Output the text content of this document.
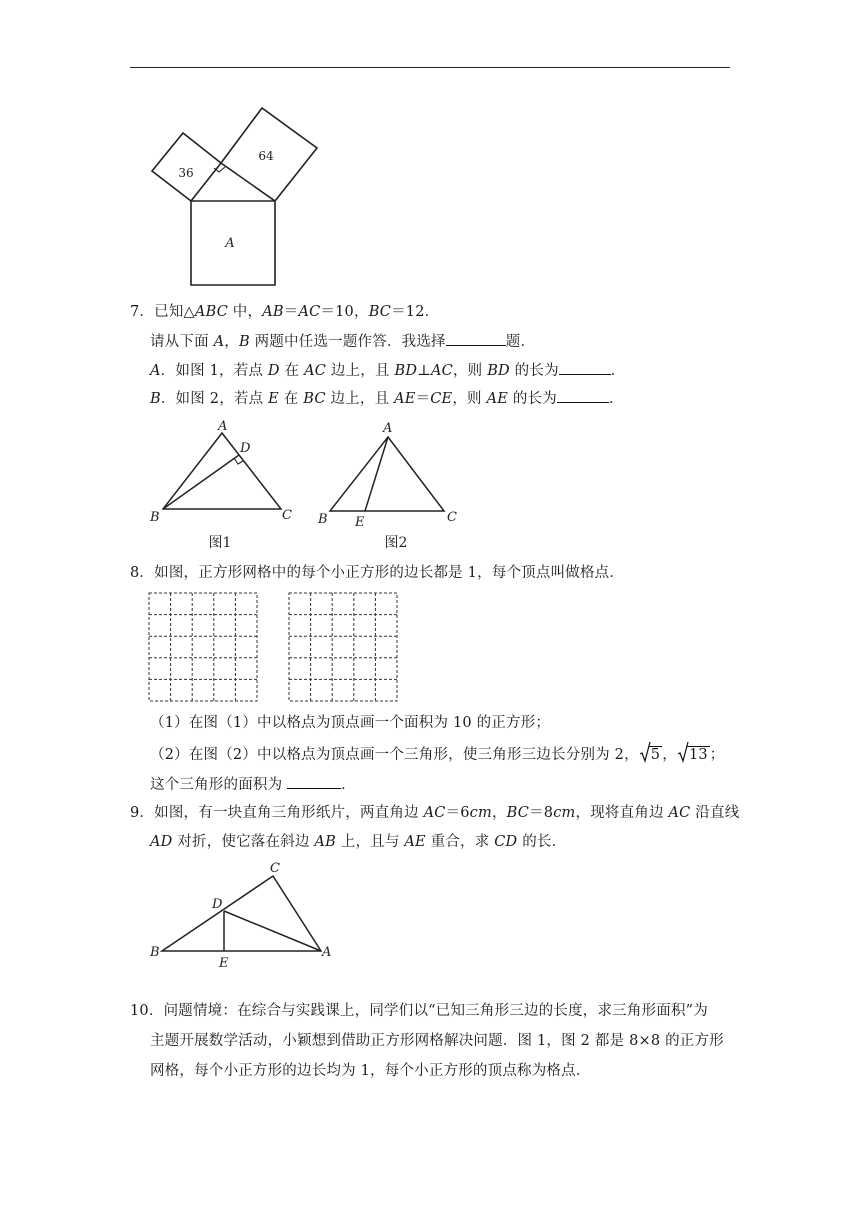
36
64
A
7．已知△ABC 中，AB＝AC＝10，BC＝12．
请从下面 A，B 两题中任选一题作答．我选择	题．
A．如图 1，若点 D 在 AC 边上，且 BD⊥AC，则 BD 的长为	．
B．如图 2，若点 E 在 BC 边上，且 AE＝CE，则 AE 的长为	．
A
D
B	C
图1
A
B E	C
图2
8．如图，正方形网格中的每个小正方形的边长都是 1，每个顶点叫做格点．
（1）在图（1）中以格点为顶点画一个面积为 10 的正方形；
（2）在图（2）中以格点为顶点画一个三角形，使三角形三边长分别为 2， 5 ， 13 ；
这个三角形的面积为	．
9．如图，有一块直角三角形纸片，两直角边 AC＝6cm，BC＝8cm，现将直角边 AC 沿直线
AD 对折，使它落在斜边 AB 上，且与 AE 重合，求 CD 的长．
C
D
B	A
E
10．问题情境：在综合与实践课上，同学们以“已知三角形三边的长度，求三角形面积”为
主题开展数学活动，小颖想到借助正方形网格解决问题．图 1，图 2 都是 8×8 的正方形
网格，每个小正方形的边长均为 1，每个小正方形的顶点称为格点．
